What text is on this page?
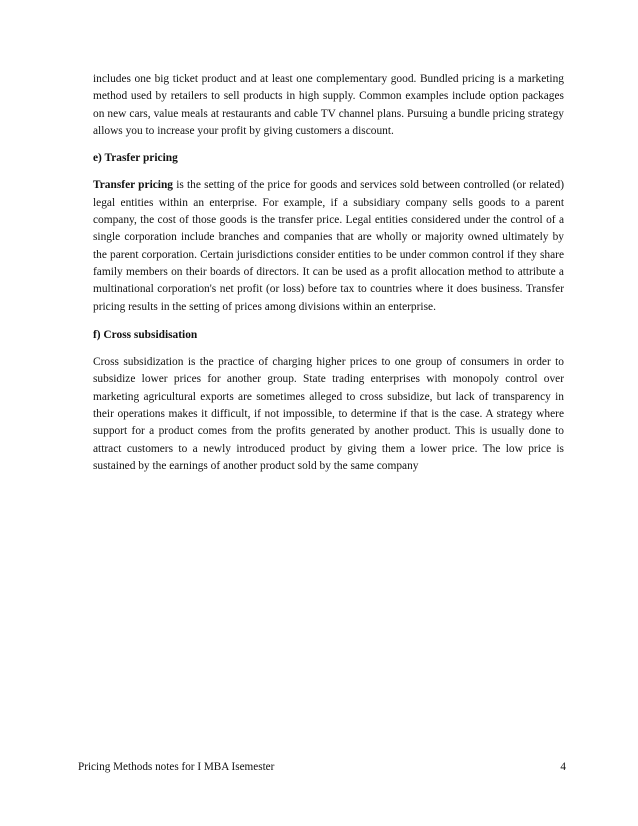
includes one big ticket product and at least one complementary good. Bundled pricing is a marketing method used by retailers to sell products in high supply. Common examples include option packages on new cars, value meals at restaurants and cable TV channel plans. Pursuing a bundle pricing strategy allows you to increase your profit by giving customers a discount.

e) Trasfer pricing

Transfer pricing is the setting of the price for goods and services sold between controlled (or related) legal entities within an enterprise. For example, if a subsidiary company sells goods to a parent company, the cost of those goods is the transfer price. Legal entities considered under the control of a single corporation include branches and companies that are wholly or majority owned ultimately by the parent corporation. Certain jurisdictions consider entities to be under common control if they share family members on their boards of directors. It can be used as a profit allocation method to attribute a multinational corporation's net profit (or loss) before tax to countries where it does business. Transfer pricing results in the setting of prices among divisions within an enterprise.

f) Cross subsidisation

Cross subsidization is the practice of charging higher prices to one group of consumers in order to subsidize lower prices for another group. State trading enterprises with monopoly control over marketing agricultural exports are sometimes alleged to cross subsidize, but lack of transparency in their operations makes it difficult, if not impossible, to determine if that is the case. A strategy where support for a product comes from the profits generated by another product. This is usually done to attract customers to a newly introduced product by giving them a lower price. The low price is sustained by the earnings of another product sold by the same company

Pricing Methods notes for I MBA Isemester	4
